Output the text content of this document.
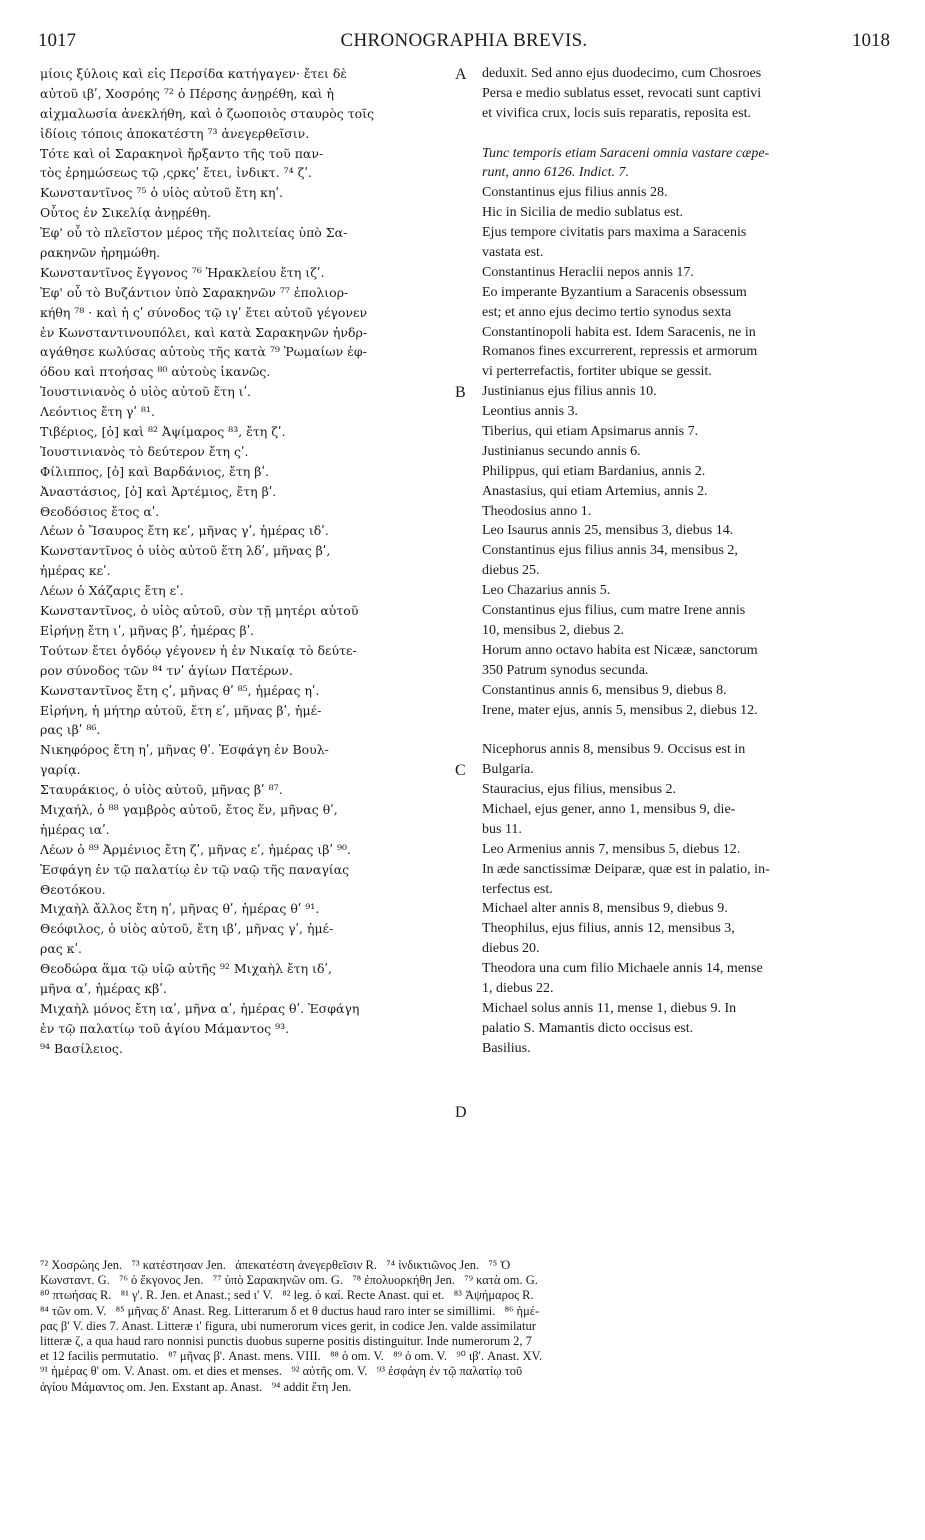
1017	CHRONOGRAPHIA BREVIS.	1018
μίοις ξύλοις καὶ εἰς Περσίδα κατήγαγεν· ἔτει δὲ
αὐτοῦ ιβʹ, Χοσρόης ⁷² ὁ Πέρσης ἀνῃρέθη, καὶ ἡ
αἰχμαλωσία ἀνεκλήθη, καὶ ὁ ζωοποιὸς σταυρὸς τοῖς
ἰδίοις τόποις ἀποκατέστη ⁷³ ἀνεγερθεῖσιν.
Τότε καὶ οἱ Σαρακηνοὶ ἤρξαντο τῆς τοῦ παν-
τὸς ἐρημώσεως τῷ ,ςρκςʹ ἔτει, ἰνδικτ. ⁷⁴ ζʹ.
Κωνσταντῖνος ⁷⁵ ὁ υἱὸς αὐτοῦ ἔτη κηʹ.
Οὗτος ἐν Σικελίᾳ ἀνῃρέθη.
Ἐφ' οὗ τὸ πλεῖστον μέρος τῆς πολιτείας ὑπὸ Σα-
ρακηνῶν ἠρημώθη.
Κωνσταντῖνος ἔγγονος ⁷⁶ Ἡρακλείου ἔτη ιζʹ.
Ἐφ' οὗ τὸ Βυζάντιον ὑπὸ Σαρακηνῶν ⁷⁷ ἐπολιορ-
κήθη ⁷⁸ · καὶ ἡ ςʹ σύνοδος τῷ ιγʹ ἔτει αὐτοῦ γέγονεν
ἐν Κωνσταντινουπόλει, καὶ κατὰ Σαρακηνῶν ἠνδρ-
αγάθησε κωλύσας αὐτοὺς τῆς κατὰ ⁷⁹ Ῥωμαίων ἐφ-
όδου καὶ πτοήσας ⁸⁰ αὐτοὺς ἱκανῶς.
Ἰουστινιανὸς ὁ υἱὸς αὐτοῦ ἔτη ιʹ.
Λεόντιος ἔτη γʹ ⁸¹.
Τιβέριος, [ὁ] καὶ ⁸² Ἀψίμαρος ⁸³, ἔτη ζʹ.
Ἰουστινιανὸς τὸ δεύτερον ἔτη ςʹ.
Φίλιππος, [ὁ] καὶ Βαρδάνιος, ἔτη βʹ.
Ἀναστάσιος, [ὁ] καὶ Ἀρτέμιος, ἔτη βʹ.
Θεοδόσιος ἔτος αʹ.
Λέων ὁ Ἴσαυρος ἔτη κεʹ, μῆνας γʹ, ἡμέρας ιδʹ.
Κωνσταντῖνος ὁ υἱὸς αὐτοῦ ἔτη λδʹ, μῆνας βʹ,
ἡμέρας κεʹ.
Λέων ὁ Χάζαρις ἔτη εʹ.
Κωνσταντῖνος, ὁ υἱὸς αὐτοῦ, σὺν τῇ μητέρι αὐτοῦ
Εἰρήνῃ ἔτη ιʹ, μῆνας βʹ, ἡμέρας βʹ.
Τούτων ἔτει ὀγδόῳ γέγονεν ἡ ἐν Νικαίᾳ τὸ δεύτε-
ρον σύνοδος τῶν ⁸⁴ τνʹ ἁγίων Πατέρων.
Κωνσταντῖνος ἔτη ςʹ, μῆνας θʹ ⁸⁵, ἡμέρας ηʹ.
Εἰρήνη, ἡ μήτηρ αὐτοῦ, ἔτη εʹ, μῆνας βʹ, ἡμέ-
ρας ιβʹ ⁸⁶.
Νικηφόρος ἔτη ηʹ, μῆνας θʹ. Ἐσφάγη ἐν Βουλ-
γαρίᾳ.
Σταυράκιος, ὁ υἱὸς αὐτοῦ, μῆνας βʹ ⁸⁷.
Μιχαήλ, ὁ ⁸⁸ γαμβρὸς αὐτοῦ, ἔτος ἕν, μῆνας θʹ,
ἡμέρας ιαʹ.
Λέων ὁ ⁸⁹ Ἀρμένιος ἔτη ζʹ, μῆνας εʹ, ἡμέρας ιβʹ ⁹⁰.
Ἐσφάγη ἐν τῷ παλατίῳ ἐν τῷ ναῷ τῆς παναγίας
Θεοτόκου.
Μιχαὴλ ἄλλος ἔτη ηʹ, μῆνας θʹ, ἡμέρας θʹ ⁹¹.
Θεόφιλος, ὁ υἱὸς αὐτοῦ, ἔτη ιβʹ, μῆνας γʹ, ἡμέ-
ρας κʹ.
Θεοδώρα ἅμα τῷ υἱῷ αὐτῆς ⁹² Μιχαὴλ ἔτη ιδʹ,
μῆνα αʹ, ἡμέρας κβʹ.
Μιχαὴλ μόνος ἔτη ιαʹ, μῆνα αʹ, ἡμέρας θʹ. Ἐσφάγη
ἐν τῷ παλατίῳ τοῦ ἁγίου Μάμαντος ⁹³.
⁹⁴ Βασίλειος.
deduxit. Sed anno ejus duodecimo, cum Chosroes
Persa e medio sublatus esset, revocati sunt captivi
et vivifica crux, locis suis reparatis, reposita est.
Tunc temporis etiam Saraceni omnia vastare cæpe-
runt, anno 6126. Indict. 7.
Constantinus ejus filius annis 28.
Hic in Sicilia de medio sublatus est.
Ejus tempore civitatis pars maxima a Saracenis
vastata est.
Constantinus Heraclii nepos annis 17.
Eo imperante Byzantium a Saracenis obsessum
est; et anno ejus decimo tertio synodus sexta
Constantinopoli habita est. Idem Saracenis, ne in
Romanos fines excurrerent, repressis et armorum
vi perterrefactis, fortiter ubique se gessit.
Justinianus ejus filius annis 10.
Leontius annis 3.
Tiberius, qui etiam Apsimarus annis 7.
Justinianus secundo annis 6.
Philippus, qui etiam Bardanius, annis 2.
Anastasius, qui etiam Artemius, annis 2.
Theodosius anno 1.
Leo Isaurus annis 25, mensibus 3, diebus 14.
Constantinus ejus filius annis 34, mensibus 2,
diebus 25.
Leo Chazarius annis 5.
Constantinus ejus filius, cum matre Irene annis
10, mensibus 2, diebus 2.
Horum anno octavo habita est Nicææ, sanctorum
350 Patrum synodus secunda.
Constantinus annis 6, mensibus 9, diebus 8.
Irene, mater ejus, annis 5, mensibus 2, diebus 12.
Nicephorus annis 8, mensibus 9. Occisus est in
Bulgaria.
Stauracius, ejus filius, mensibus 2.
Michael, ejus gener, anno 1, mensibus 9, die-
bus 11.
Leo Armenius annis 7, mensibus 5, diebus 12.
In æde sanctissimæ Deiparæ, quæ est in palatio, in-
terfectus est.
Michael alter annis 8, mensibus 9, diebus 9.
Theophilus, ejus filius, annis 12, mensibus 3,
diebus 20.
Theodora una cum filio Michaele annis 14, mense
1, diebus 22.
Michael solus annis 11, mense 1, diebus 9. In
palatio S. Mamantis dicto occisus est.
Basilius.
A
B
C
D
⁷² Χοσρώης Jen.   ⁷³ κατέστησαν Jen.   ἀπεκατέστη ἀνεγερθεῖσιν R.   ⁷⁴ ἰνδικτιῶνος Jen.   ⁷⁵ Ὁ
Κωνσταντ. G.   ⁷⁶ ὁ ἔκγονος Jen.   ⁷⁷ ὑπὸ Σαρακηνῶν om. G.   ⁷⁸ ἐπολυορκήθη Jen.   ⁷⁹ κατὰ om. G.
⁸⁰ πτωήσας R.   ⁸¹ γ'. R. Jen. et Anast.; sed ι' V.   ⁸² leg. ὁ καί. Recte Anast. qui et.   ⁸³ Ἀψήμαρος R.
⁸⁴ τῶν om. V.   ⁸⁵ μῆνας δ' Anast. Reg. Litterarum δ et θ ductus haud raro inter se simillimi.   ⁸⁶ ἡμέ-
ρας β' V. dies 7. Anast. Litteræ ι' figura, ubi numerorum vices gerit, in codice Jen. valde assimilatur
litteræ ζ, a qua haud raro nonnisi punctis duobus superne positis distinguitur. Inde numerorum 2, 7
et 12 facilis permutatio.   ⁸⁷ μῆνας β'. Anast. mens. VIII.   ⁸⁸ ὁ om. V.   ⁸⁹ ὁ om. V.   ⁹⁰ ιβ'. Anast. XV.
⁹¹ ἡμέρας θ' om. V. Anast. om. et dies et menses.   ⁹² αὐτῆς om. V.   ⁹³ ἐσφάγη ἐν τῷ παλατίῳ τοῦ
ἁγίου Μάμαντος om. Jen. Exstant ap. Anast.   ⁹⁴ addit ἔτη Jen.
